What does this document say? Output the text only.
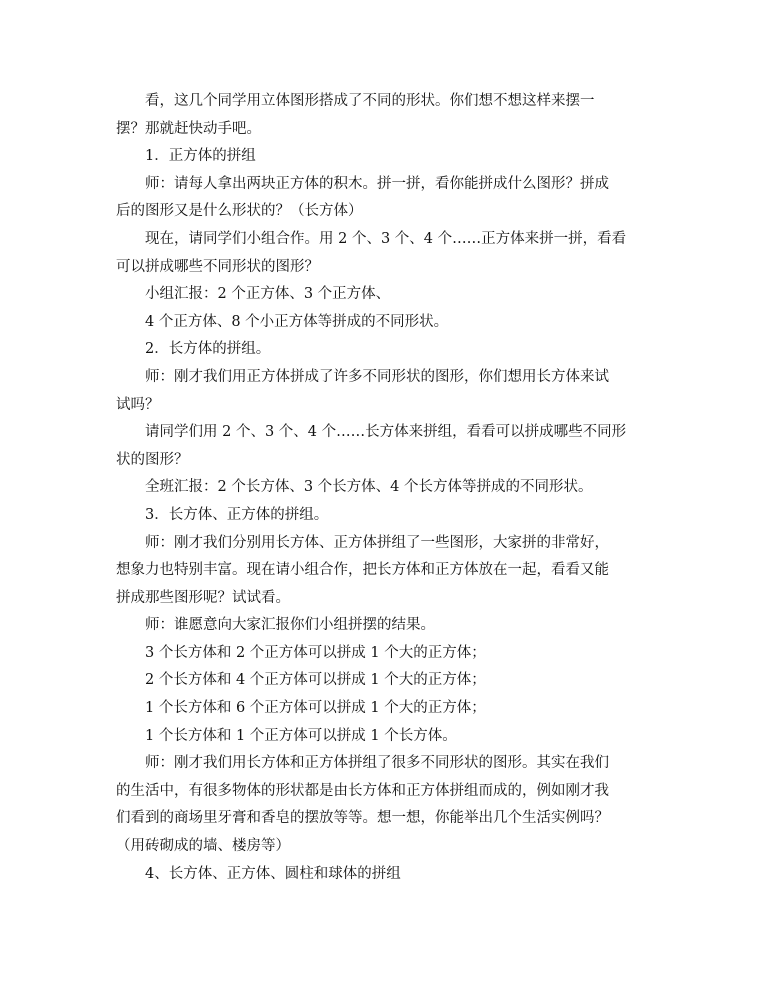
看，这几个同学用立体图形搭成了不同的形状。你们想不想这样来摆一
摆？那就赶快动手吧。
1．正方体的拼组
师：请每人拿出两块正方体的积木。拼一拼，看你能拼成什么图形？拼成
后的图形又是什么形状的？（长方体）
现在，请同学们小组合作。用 2 个、3 个、4 个……正方体来拼一拼，看看
可以拼成哪些不同形状的图形？
小组汇报：2 个正方体、3 个正方体、
4 个正方体、8 个小正方体等拼成的不同形状。
2．长方体的拼组。
师：刚才我们用正方体拼成了许多不同形状的图形，你们想用长方体来试
试吗？
请同学们用 2 个、3 个、4 个……长方体来拼组，看看可以拼成哪些不同形
状的图形？
全班汇报：2 个长方体、3 个长方体、4 个长方体等拼成的不同形状。
3．长方体、正方体的拼组。
师：刚才我们分别用长方体、正方体拼组了一些图形，大家拼的非常好，
想象力也特别丰富。现在请小组合作，把长方体和正方体放在一起，看看又能
拼成那些图形呢？试试看。
师：谁愿意向大家汇报你们小组拼摆的结果。
3 个长方体和 2 个正方体可以拼成 1 个大的正方体；
2 个长方体和 4 个正方体可以拼成 1 个大的正方体；
1 个长方体和 6 个正方体可以拼成 1 个大的正方体；
1 个长方体和 1 个正方体可以拼成 1 个长方体。
师：刚才我们用长方体和正方体拼组了很多不同形状的图形。其实在我们
的生活中，有很多物体的形状都是由长方体和正方体拼组而成的，例如刚才我
们看到的商场里牙膏和香皂的摆放等等。想一想，你能举出几个生活实例吗？
（用砖砌成的墙、楼房等）
4、长方体、正方体、圆柱和球体的拼组
